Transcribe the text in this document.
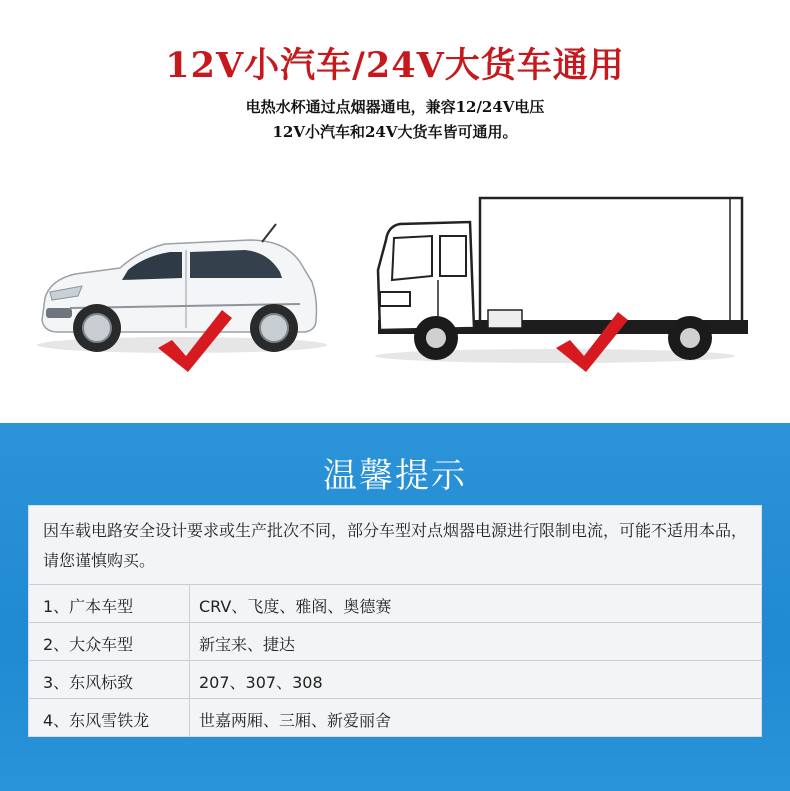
12V小汽车/24V大货车通用
电热水杯通过点烟器通电，兼容12/24V电压
12V小汽车和24V大货车皆可通用。
温馨提示
因车载电路安全设计要求或生产批次不同，部分车型对点烟器电源进行限制电流，可能不适用本品，请您谨慎购买。
1、广本车型	CRV、飞度、雅阁、奥德赛
2、大众车型	新宝来、捷达
3、东风标致	207、307、308
4、东风雪铁龙	世嘉两厢、三厢、新爱丽舍
